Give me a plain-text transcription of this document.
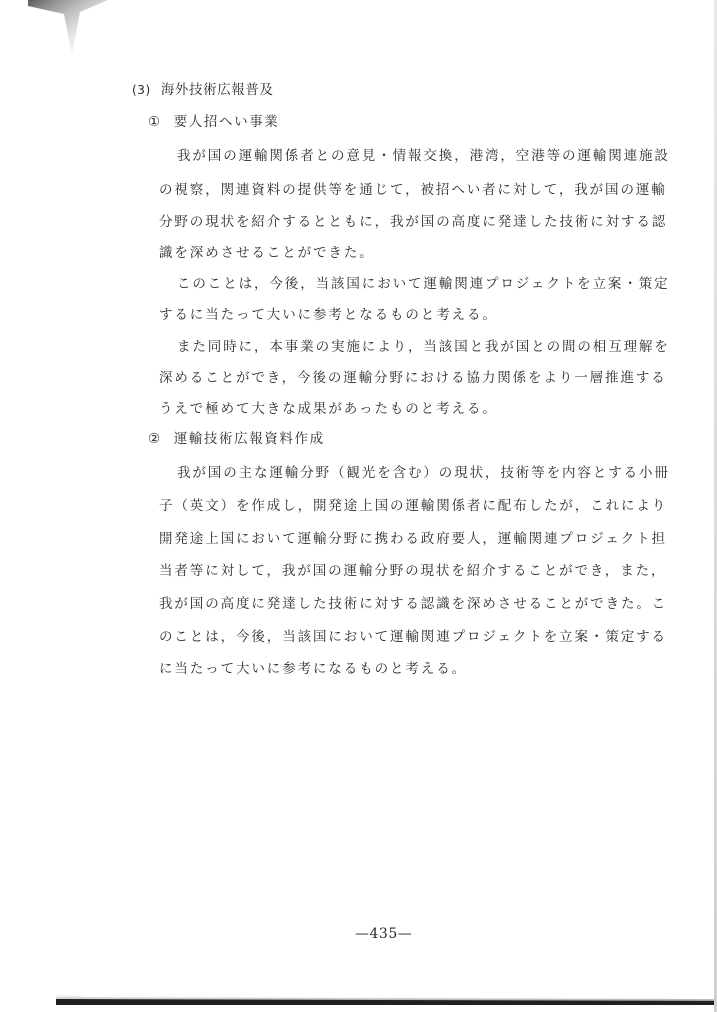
(3) 海外技術広報普及
① 要人招へい事業
我が国の運輸関係者との意見・情報交換，港湾，空港等の運輸関連施設
の視察，関連資料の提供等を通じて，被招へい者に対して，我が国の運輸
分野の現状を紹介するとともに，我が国の高度に発達した技術に対する認
識を深めさせることができた。
このことは，今後，当該国において運輸関連プロジェクトを立案・策定
するに当たって大いに参考となるものと考える。
また同時に，本事業の実施により，当該国と我が国との間の相互理解を
深めることができ，今後の運輸分野における協力関係をより一層推進する
うえで極めて大きな成果があったものと考える。
② 運輸技術広報資料作成
我が国の主な運輸分野（観光を含む）の現状，技術等を内容とする小冊
子（英文）を作成し，開発途上国の運輸関係者に配布したが，これにより
開発途上国において運輸分野に携わる政府要人，運輸関連プロジェクト担
当者等に対して，我が国の運輸分野の現状を紹介することができ，また，
我が国の高度に発達した技術に対する認識を深めさせることができた。こ
のことは，今後，当該国において運輸関連プロジェクトを立案・策定する
に当たって大いに参考になるものと考える。
—435—
